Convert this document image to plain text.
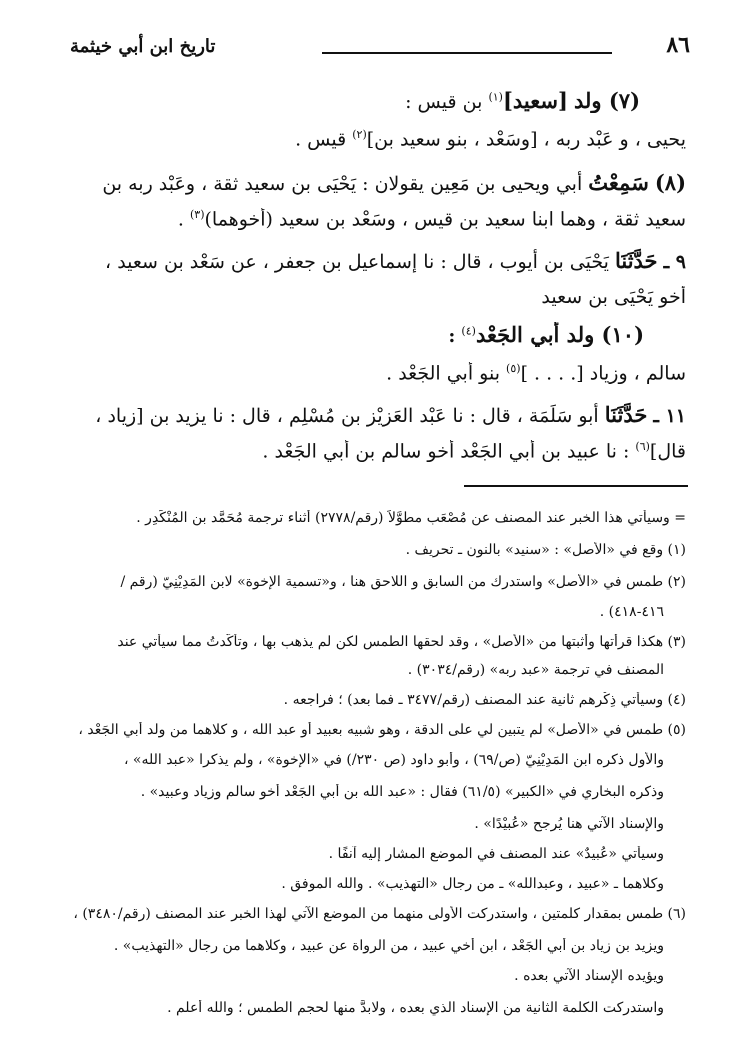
٨٦
تاريخ ابن أبي خيثمة
(٧) ولد [سعيد]$^{(١)}$ بن قيس :
يحيى ، و عَبْد ربه ، [وسَعْد ، بنو سعيد بن]$^{(٢)}$ قيس .
(٨) سَمِعْتُ أبي ويحيى بن مَعِينٍ يقولان : يَحْيَى بن سعيد ثقة ، وعَبْد ربه بن
سعيد ثقة ، وهما ابنا سعيد بن قيس ، وسَعْد بن سعيد (أخوهما)$^{(٣)}$ .
٩ ـ حَدَّثَنَا يَحْيَى بن أيوب ، قال : نا إسماعيل بن جعفر ، عن سَعْد بن سعيد ،
أخو يَحْيَى بن سعيد
(١٠) ولد أبي الجَعْد$^{(٤)}$ :
سالم ، وزياد [. . . . ]$^{(٥)}$ بنو أبي الجَعْد .
١١ ـ حَدَّثَنَا أبو سَلَمَة ، قال : نا عَبْد العَزِيْز بن مُسْلِم ، قال : نا يزيد بن [زياد ،
قال]$^{(٦)}$ : نا عبيد بن أبي الجَعْد أخو سالم بن أبي الجَعْد .
= وسيأتي هذا الخبر عند المصنف عن مُصْعَب مطوَّلاً (رقم/٢٧٧٨) أثناء ترجمة مُحَمَّد بن المُنْكَدِر .
(١) وقع في «الأصل» : «سنيد» بالنون ـ تحريف .
(٢) طمس في «الأصل» واستدرك من السابق و اللاحق هنا ، و«تسمية الإخوة» لابن المَدِيْنِيّ (رقم /
٤١٦-٤١٨) .
(٣) هكذا قرأتها وأثبتها من «الأصل» ، وقد لحقها الطمس لكن لم يذهب بها ، وتأكَّدتُ مما سيأتي عند
المصنف في ترجمة «عبد ربه» (رقم/٣٠٣٤) .
(٤) وسيأتي ذِكْرهم ثانية عند المصنف (رقم/٣٤٧٧ ـ فما بعد) ؛ فراجعه .
(٥) طمس في «الأصل» لم يتبين لي على الدقة ، وهو شبيه بعبيد أو عبد الله ، و كلاهما من ولد أبي الجَعْد ،
والأول ذكره ابن المَدِيْنِيّ (ص/٦٩) ، وأبو داود (ص ٢٣٠/) في «الإخوة» ، ولم يذكرا «عبد الله» ،
وذكره البخاري في «الكبير» (٦١/٥) فقال : «عبد الله بن أبي الجَعْد أخو سالم وزياد وعبيد» .
والإسناد الآتي هنا يُرجح «عُبيْدًا» .
وسيأتي «عُبيدٌ» عند المصنف في الموضع المشار إليه آنفًا .
وكلاهما ـ «عبيد ، وعبدالله» ـ من رجال «التهذيب» . والله الموفق .
(٦) طمس بمقدار كلمتين ، واستدركت الأولى منهما من الموضع الآتي لهذا الخبر عند المصنف (رقم/٣٤٨٠) ،
ويزيد بن زياد بن أبي الجَعْد ، ابن أخي عبيد ، من الرواة عن عبيد ، وكلاهما من رجال «التهذيب» .
ويؤيده الإسناد الآتي بعده .
واستدركت الكلمة الثانية من الإسناد الذي بعده ، ولابدَّ منها لحجم الطمس ؛ والله أعلم .
